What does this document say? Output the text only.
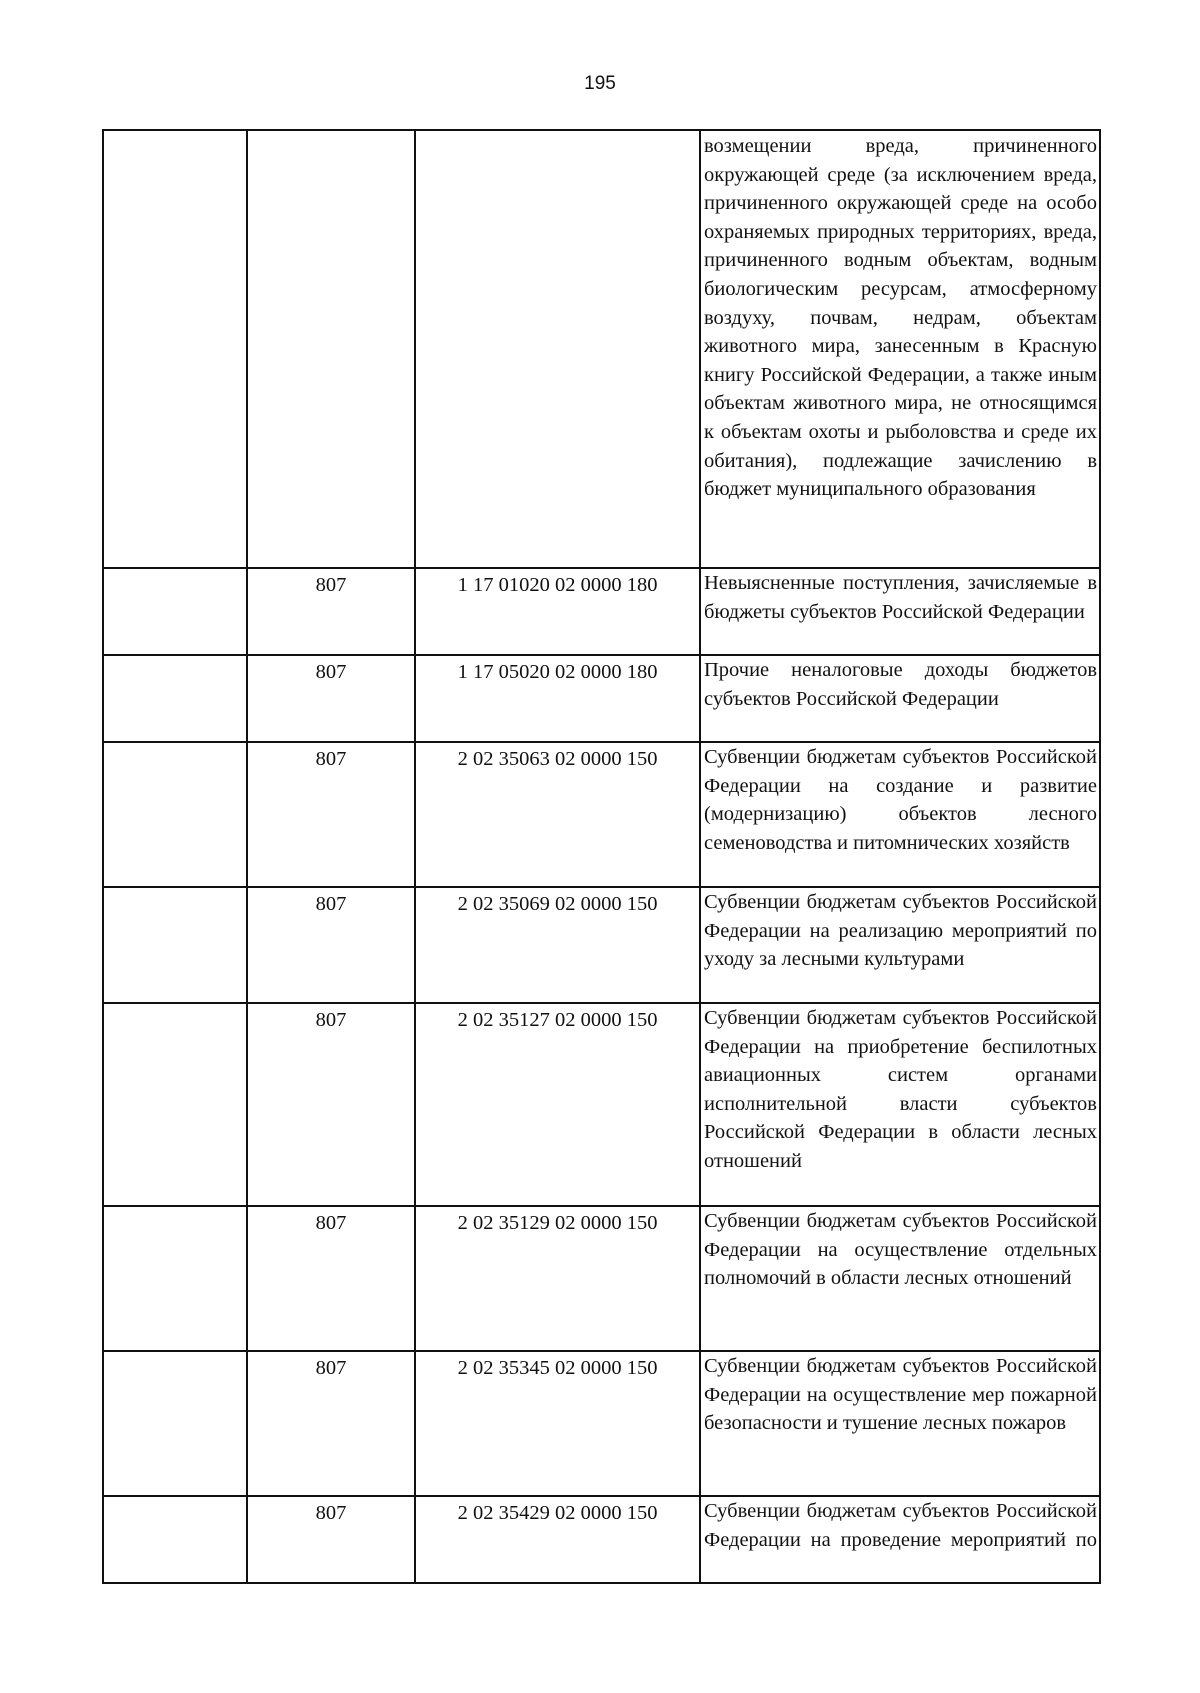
195
			возмещении вреда, причиненного окружающей среде (за исключением вреда, причиненного окружающей среде на особо охраняемых природных территориях, вреда, причиненного водным объектам, водным биологическим ресурсам, атмосферному воздуху, почвам, недрам, объектам животного мира, занесенным в Красную книгу Российской Федерации, а также иным объектам животного мира, не относящимся к объектам охоты и рыболовства и среде их обитания), подлежащие зачислению в бюджет муниципального образования
	807	1 17 01020 02 0000 180	Невыясненные поступления, зачисляемые в бюджеты субъектов Российской Федерации
	807	1 17 05020 02 0000 180	Прочие неналоговые доходы бюджетов субъектов Российской Федерации
	807	2 02 35063 02 0000 150	Субвенции бюджетам субъектов Российской Федерации на создание и развитие (модернизацию) объектов лесного семеноводства и питомнических хозяйств
	807	2 02 35069 02 0000 150	Субвенции бюджетам субъектов Российской Федерации на реализацию мероприятий по уходу за лесными культурами
	807	2 02 35127 02 0000 150	Субвенции бюджетам субъектов Российской Федерации на приобретение беспилотных авиационных систем органами исполнительной власти субъектов Российской Федерации в области лесных отношений
	807	2 02 35129 02 0000 150	Субвенции бюджетам субъектов Российской Федерации на осуществление отдельных полномочий в области лесных отношений
	807	2 02 35345 02 0000 150	Субвенции бюджетам субъектов Российской Федерации на осуществление мер пожарной безопасности и тушение лесных пожаров
	807	2 02 35429 02 0000 150	Субвенции бюджетам субъектов Российской Федерации на проведение мероприятий по
